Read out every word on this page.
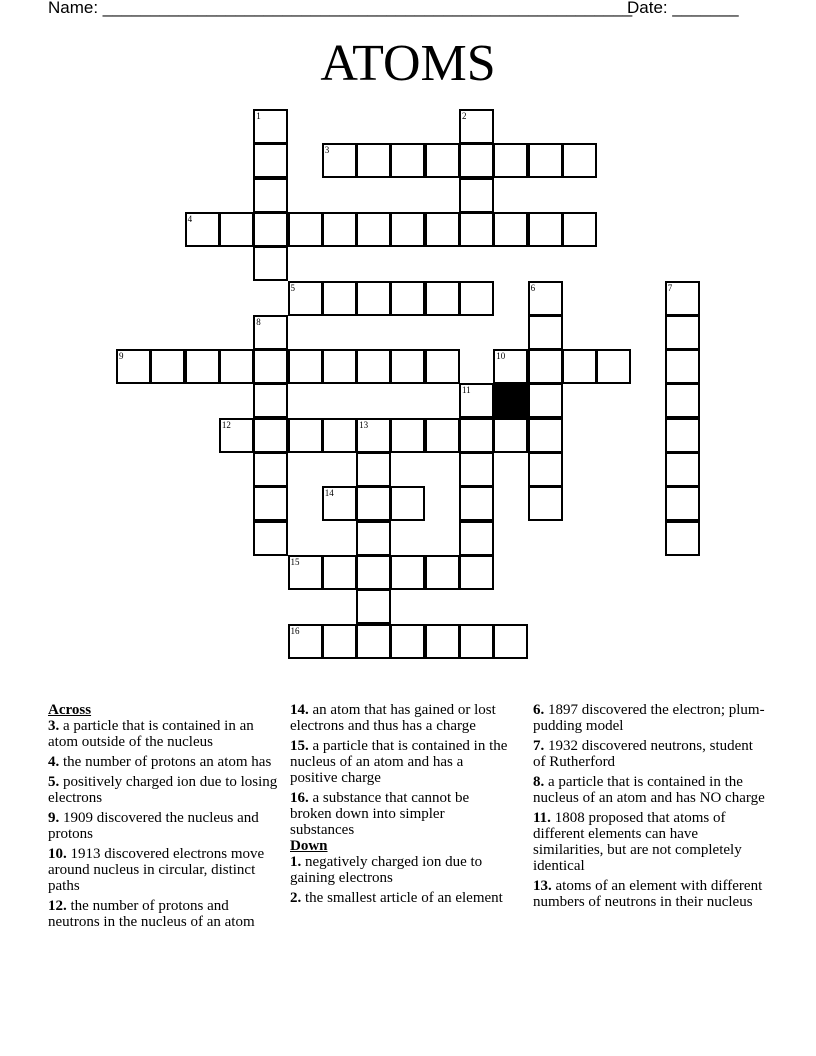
Name: ________________________________________________________
Date: _______
ATOMS
3
4
5
9	10
12	13
14
15
16
1	2
6	7
8
11
Across
3. a particle that is contained in an atom outside of the nucleus
4. the number of protons an atom has
5. positively charged ion due to losing electrons
9. 1909 discovered the nucleus and protons
10. 1913 discovered electrons move around nucleus in circular, distinct paths
12. the number of protons and neutrons in the nucleus of an atom
14. an atom that has gained or lost electrons and thus has a charge
15. a particle that is contained in the nucleus of an atom and has a positive charge
16. a substance that cannot be broken down into simpler substances
Down
1. negatively charged ion due to gaining electrons
2. the smallest article of an element
6. 1897 discovered the electron; plum-pudding model
7. 1932 discovered neutrons, student of Rutherford
8. a particle that is contained in the nucleus of an atom and has NO charge
11. 1808 proposed that atoms of different elements can have similarities, but are not completely identical
13. atoms of an element with different numbers of neutrons in their nucleus
